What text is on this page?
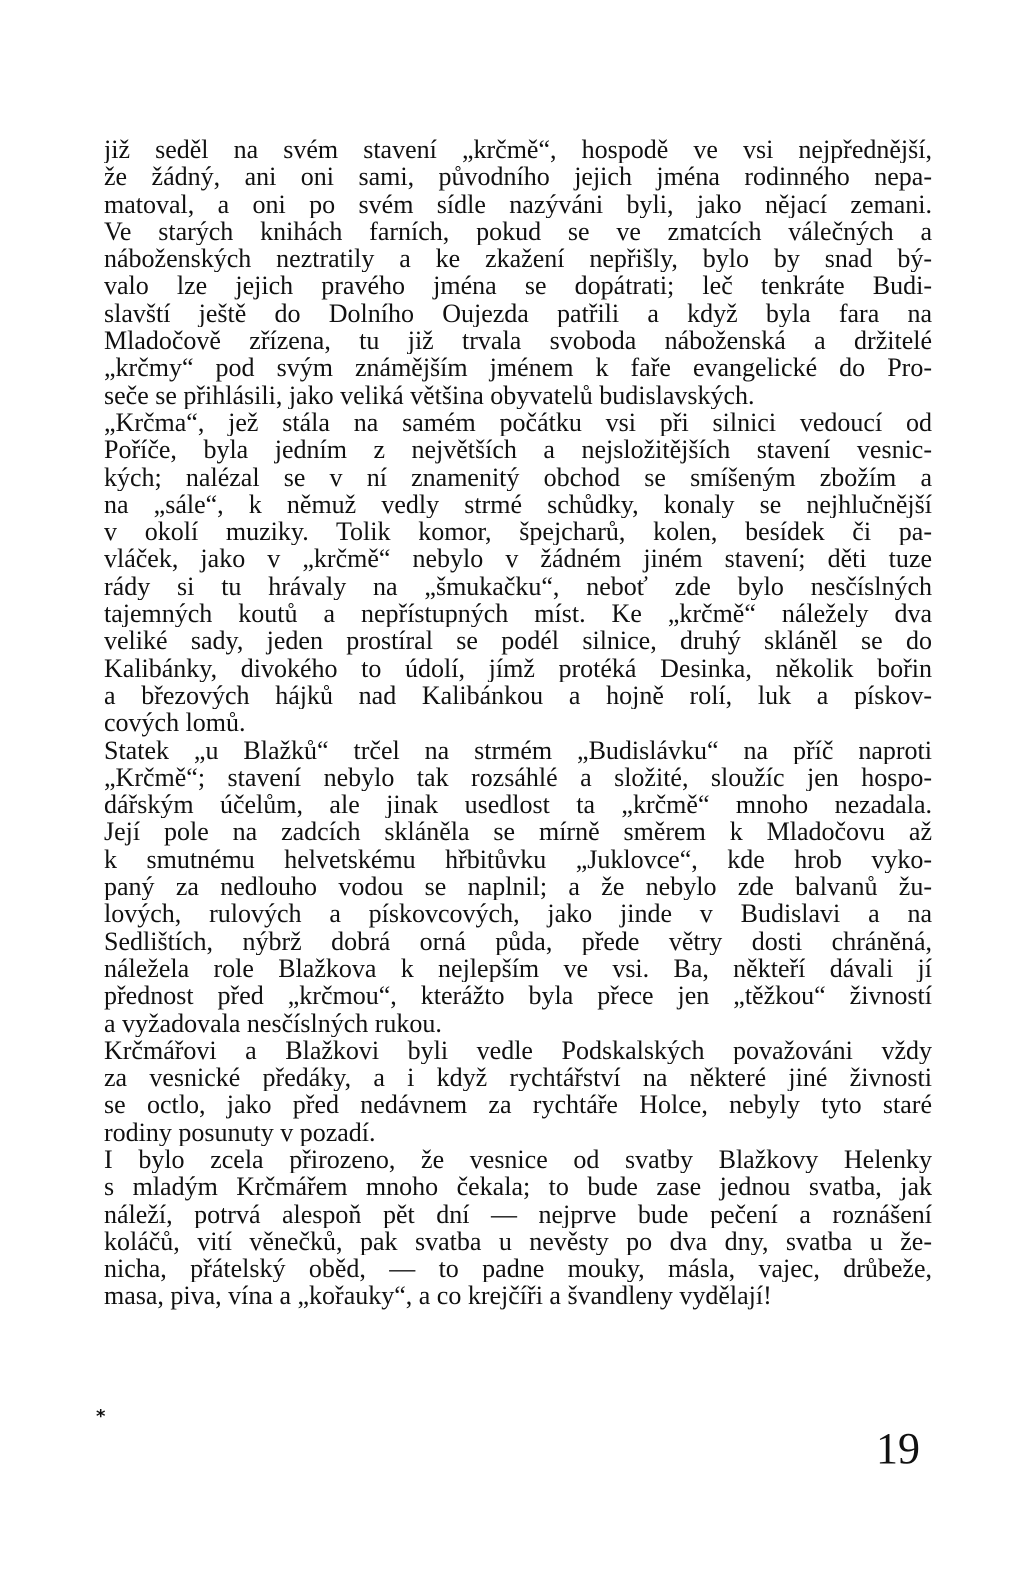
již seděl na svém stavení „krčmě“, hospodě ve vsi nejpřednější,
že žádný, ani oni sami, původního jejich jména rodinného nepa-
matoval, a oni po svém sídle nazýváni byli, jako nějací zemani.
Ve starých knihách farních, pokud se ve zmatcích válečných a
náboženských neztratily a ke zkažení nepřišly, bylo by snad bý-
valo lze jejich pravého jména se dopátrati; leč tenkráte Budi-
slavští ještě do Dolního Oujezda patřili a když byla fara na
Mladočově zřízena, tu již trvala svoboda náboženská a držitelé
„krčmy“ pod svým známějším jménem k faře evangelické do Pro-
seče se přihlásili, jako veliká většina obyvatelů budislavských.
„Krčma“, jež stála na samém počátku vsi při silnici vedoucí od
Poříče, byla jedním z největších a nejsložitějších stavení vesnic-
kých; nalézal se v ní znamenitý obchod se smíšeným zbožím a
na „sále“, k němuž vedly strmé schůdky, konaly se nejhlučnější
v okolí muziky. Tolik komor, špejcharů, kolen, besídek či pa-
vláček, jako v „krčmě“ nebylo v žádném jiném stavení; děti tuze
rády si tu hrávaly na „šmukačku“, neboť zde bylo nesčíslných
tajemných koutů a nepřístupných míst. Ke „krčmě“ náležely dva
veliké sady, jeden prostíral se podél silnice, druhý skláněl se do
Kalibánky, divokého to údolí, jímž protéká Desinka, několik bořin
a březových hájků nad Kalibánkou a hojně rolí, luk a pískov-
cových lomů.
Statek „u Blažků“ trčel na strmém „Budislávku“ na příč naproti
„Krčmě“; stavení nebylo tak rozsáhlé a složité, sloužíc jen hospo-
dářským účelům, ale jinak usedlost ta „krčmě“ mnoho nezadala.
Její pole na zadcích skláněla se mírně směrem k Mladočovu až
k smutnému helvetskému hřbitůvku „Juklovce“, kde hrob vyko-
paný za nedlouho vodou se naplnil; a že nebylo zde balvanů žu-
lových, rulových a pískovcových, jako jinde v Budislavi a na
Sedlištích, nýbrž dobrá orná půda, přede větry dosti chráněná,
náležela role Blažkova k nejlepším ve vsi. Ba, někteří dávali jí
přednost před „krčmou“, kterážto byla přece jen „těžkou“ živností
a vyžadovala nesčíslných rukou.
Krčmářovi a Blažkovi byli vedle Podskalských považováni vždy
za vesnické předáky, a i když rychtářství na některé jiné živnosti
se octlo, jako před nedávnem za rychtáře Holce, nebyly tyto staré
rodiny posunuty v pozadí.
I bylo zcela přirozeno, že vesnice od svatby Blažkovy Helenky
s mladým Krčmářem mnoho čekala; to bude zase jednou svatba, jak
náleží, potrvá alespoň pět dní — nejprve bude pečení a roznášení
koláčů, vití věnečků, pak svatba u nevěsty po dva dny, svatba u že-
nicha, přátelský oběd, — to padne mouky, másla, vajec, drůbeže,
masa, piva, vína a „kořauky“, a co krejčíři a švandleny vydělají!
*
19
